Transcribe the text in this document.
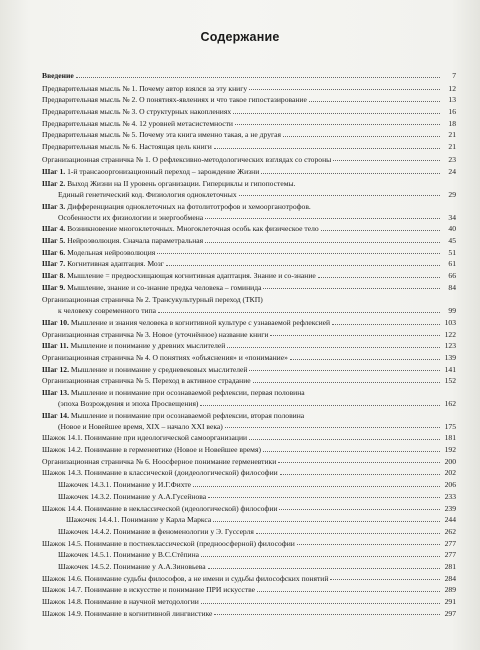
Содержание
Введение	7
Предварительная мысль № 1. Почему автор взялся за эту книгу	12
Предварительная мысль № 2. О понятиях-явлениях и что такое гипостазирование	13
Предварительная мысль № 3. О структурных накоплениях	16
Предварительная мысль № 4. 12 уровней метасистемности	18
Предварительная мысль № 5. Почему эта книга именно такая, а не другая	21
Предварительная мысль № 6. Настоящая цель книги	21
Организационная страничка № 1. О рефлексивно-методологических взглядах со стороны	23
Шаг 1. 1-й трансаооргонизационный переход – зарождение Жизни	24
Шаг 2. Выход Жизни на II уровень организации. Гиперциклы и гипопостемы.
Единый генетический код. Физиология одноклеточных	29
Шаг 3. Дифференциация одноклеточных на фотолитотрофов и хемоорганотрофов.
Особенности их физиологии и энергообмена	34
Шаг 4. Возникновение многоклеточных. Многоклеточная особь как физическое тело	40
Шаг 5. Нейроэволюция. Сначала параметральная	45
Шаг 6. Модельная нейроэволюция	51
Шаг 7. Когнитивная адаптация. Мозг	61
Шаг 8. Мышление = предвосхищающая когнитивная адаптация. Знание и со-знание	66
Шаг 9. Мышление, знание и со-знание предка человека – гоминида	84
Организационная страничка № 2. Трансукультурный переход (ТКП)
к человеку современного типа	99
Шаг 10. Мышление и знания человека в когнитивной культуре с узнаваемой рефлексией	103
Организационная страничка № 3. Новое (уточнённое) название книги	122
Шаг 11. Мышление и понимание у древних мыслителей	123
Организационная страничка № 4. О понятиях «объяснения» и «понимание»	139
Шаг 12. Мышление и понимание у средневековых мыслителей	141
Организационная страничка № 5. Переход в активное страдание	152
Шаг 13. Мышление и понимание при осознаваемой рефлексии, первая половина
(эпоха Возрождения и эпоха Просвещения)	162
Шаг 14. Мышление и понимание при осознаваемой рефлексии, вторая половина
(Новое и Новейшее время, XIX – начало XXI века)	175
Шажок 14.1. Понимание при идеологической самоорганизации	181
Шажок 14.2. Понимание в герменевтике (Новое и Новейшее время)	192
Организационная страничка № 6. Ноосферное понимание герменевтики	200
Шажок 14.3. Понимание в классической (доидеологической) философии	202
Шажочек 14.3.1. Понимание у И.Г.Фихте	206
Шажочек 14.3.2. Понимание у А.А.Гусейнова	233
Шажок 14.4. Понимание в неклассической (идеологической) философии	239
Шажочек 14.4.1. Понимание у Карла Маркса	244
Шажочек 14.4.2. Понимание в феноменологии у Э. Гуссерля	262
Шажок 14.5. Понимание в постнеклассической (предноосферной) философии	277
Шажочек 14.5.1. Понимание у В.С.Стёпина	277
Шажочек 14.5.2. Понимание у А.А.Зиновьева	281
Шажок 14.6. Понимание судьбы философов, а не имени и судьбы философских понятий	284
Шажок 14.7. Понимание в искусстве и понимание ПРИ искусстве	289
Шажок 14.8. Понимание в научной методологии	291
Шажок 14.9. Понимание в когнитивной лингвистике	297
